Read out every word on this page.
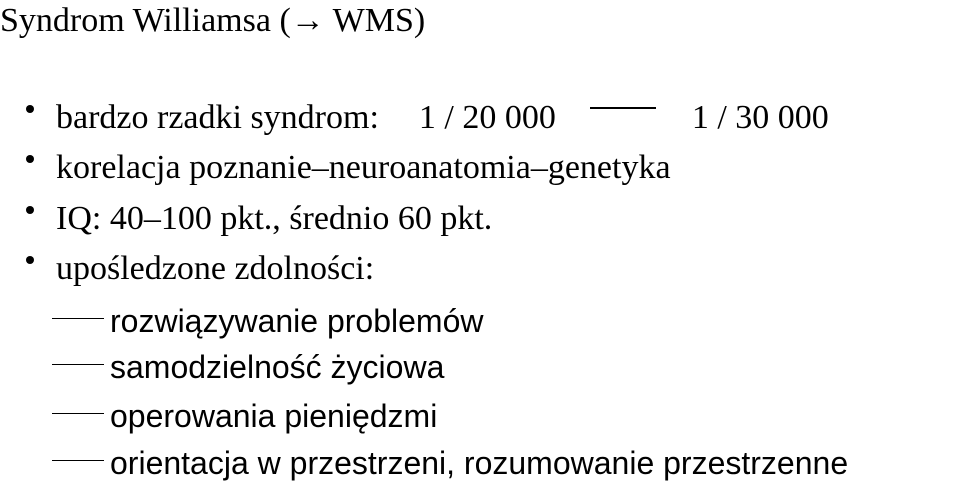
Syndrom Williamsa (→ WMS)
bardzo rzadki syndrom: 1 / 20 000	1 / 30 000
korelacja poznanie–neuroanatomia–genetyka
IQ: 40–100 pkt., średnio 60 pkt.
upośledzone zdolności:
rozwiązywanie problemów
samodzielność życiowa
operowania pieniędzmi
orientacja w przestrzeni, rozumowanie przestrzenne
